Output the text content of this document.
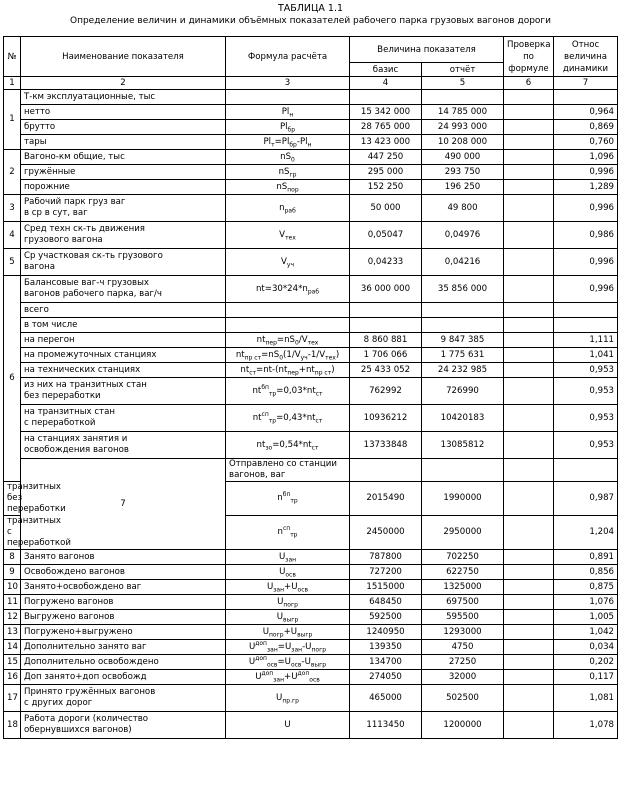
ТАБЛИЦА 1.1
Определение величин и динамики объёмных показателей рабочего парка грузовых вагонов дороги
№	Наименование показателя	Формула расчёта	Величина показателя		Проверка по формуле	Относ величина динамики	
			базис	отчёт			
1	2	3	4	5	6	7	
1	Т-км эксплуатационные, тыс						
	нетто	$Pl_н$	15 342 000	14 785 000		0,964	
	брутто	$Pl_{бр}$	28 765 000	24 993 000		0,869	
	тары	$Pl_т=Pl_{бр}-Pl_н$	13 423 000	10 208 000		0,760	
2	Вагоно-км общие, тыс	$nS_0$	447 250	490 000		1,096	
	гружённые	$nS_{гр}$	295 000	293 750		0,996	
	порожние	$nS_{пор}$	152 250	196 250		1,289	
3	Рабочий парк груз ваг
в ср в сут, ваг	$n_{раб}$	50 000	49 800		0,996	
4	Сред техн ск-ть движения
грузового вагона	$V_{тех}$	0,05047	0,04976		0,986	
5	Ср участковая ск-ть грузового
вагона	$V_{уч}$	0,04233	0,04216		0,996	
6	Балансовые ваг-ч грузовых
вагонов рабочего парка, ваг/ч	$nt=30*24*n_{раб}$	36 000 000	35 856 000		0,996	
	всего						
	в том числе						
	на перегон	$nt_{пер}=nS_0/V_{тех}$	8 860 881	9 847 385		1,111	
	на промежуточных станциях	$nt_{пр ст}=nS_0(1/V_{уч}-1/V_{тех})$	1 706 066	1 775 631		1,041	
	на технических станциях	$nt_{ст}=nt-(nt_{пер}+nt_{пр ст})$	25 433 052	24 232 985		0,953	
	из них на транзитных стан
без переработки	$nt^{бп}_{тр}=0,03*nt_{ст}$	762992	726990		0,953	
	на транзитных стан
с переработкой	$nt^{сп}_{тр}=0,43*nt_{ст}$	10936212	10420183		0,953	
	на станциях занятия и
освобождения вагонов	$nt_{зо}=0,54*nt_{ст}$	13733848	13085812		0,953	
	7	Отправлено со станции вагонов, ваг					
транзитных без переработки		$n^{бп}_{тр}$	2015490	1990000		0,987	
транзитных с переработкой		$n^{сп}_{тр}$	2450000	2950000		1,204	
8	Занято вагонов	$U_{зан}$	787800	702250		0,891	
9	Освобождено вагонов	$U_{осв}$	727200	622750		0,856	
10	Занято+освобождено ваг	$U_{зан}+U_{осв}$	1515000	1325000		0,875	
11	Погружено вагонов	$U_{погр}$	648450	697500		1,076	
12	Выгружено вагонов	$U_{выгр}$	592500	595500		1,005	
13	Погружено+выгружено	$U_{погр}+U_{выгр}$	1240950	1293000		1,042	
14	Дополнительно занято ваг	$U^{доп}_{зан}=U_{зан}-U_{погр}$	139350	4750		0,034	
15	Дополнительно освобождено	$U^{доп}_{осв}=U_{осв}-U_{выгр}$	134700	27250		0,202	
16	Доп занято+доп освобожд	$U^{доп}_{зан}+U^{доп}_{осв}$	274050	32000		0,117	
17	Принято гружённых вагонов
с других дорог	$U_{пр.гр}$	465000	502500		1,081	
18	Работа дороги (количество
обернувшихся вагонов)	U	1113450	1200000		1,078	
